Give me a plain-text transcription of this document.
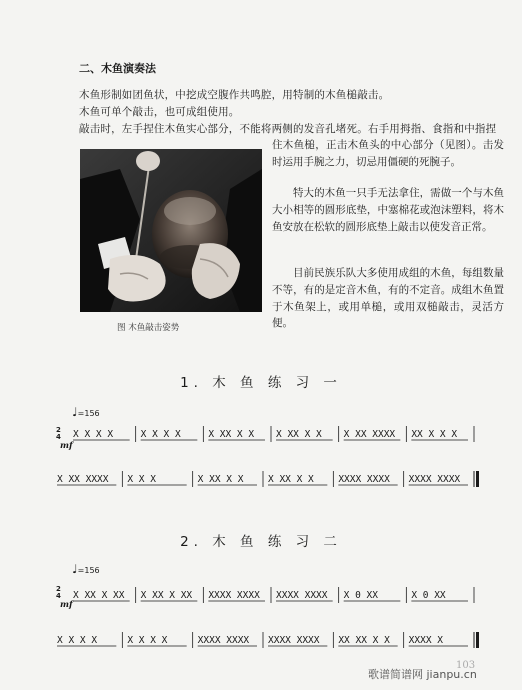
二、木鱼演奏法
木鱼形制如团鱼状，中挖成空腹作共鸣腔，用特制的木鱼槌敲击。
木鱼可单个敲击，也可成组使用。
敲击时，左手捏住木鱼实心部分，不能将两侧的发音孔堵死。右手用拇指、食指和中指捏
图 木鱼敲击姿势
住木鱼槌，正击木鱼头的中心部分（见图）。击发时运用手腕之力，切忌用僵硬的死腕子。
特大的木鱼一只手无法拿住，需做一个与木鱼大小相等的圆形底垫，中塞棉花或泡沫塑料，将木鱼安放在松软的圆形底垫上敲击以使发音正常。
目前民族乐队大多使用成组的木鱼，每组数量不等，有的是定音木鱼，有的不定音。成组木鱼置于木鱼架上，或用单槌，或用双槌敲击，灵活方便。
1. 木 鱼 练 习 一
♩=156
2
4
mf
2. 木 鱼 练 习 二
♩=156
2
4
mf
X X X X	X X X X	X XX X X X XX X X X XX XXXX XX X X X
X XX XXXX X X X	X XX X X	X XX X X	XXXX XXXX XXXX XXXX
X XX X XX X XX X XX XXXX XXXX XXXX XXXX X 0 XX	X 0 XX
X X X X	X X X X	XXXX XXXX XXXX XXXX XX XX X X XXXX X
103
歌谱简谱网 jianpu.cn
